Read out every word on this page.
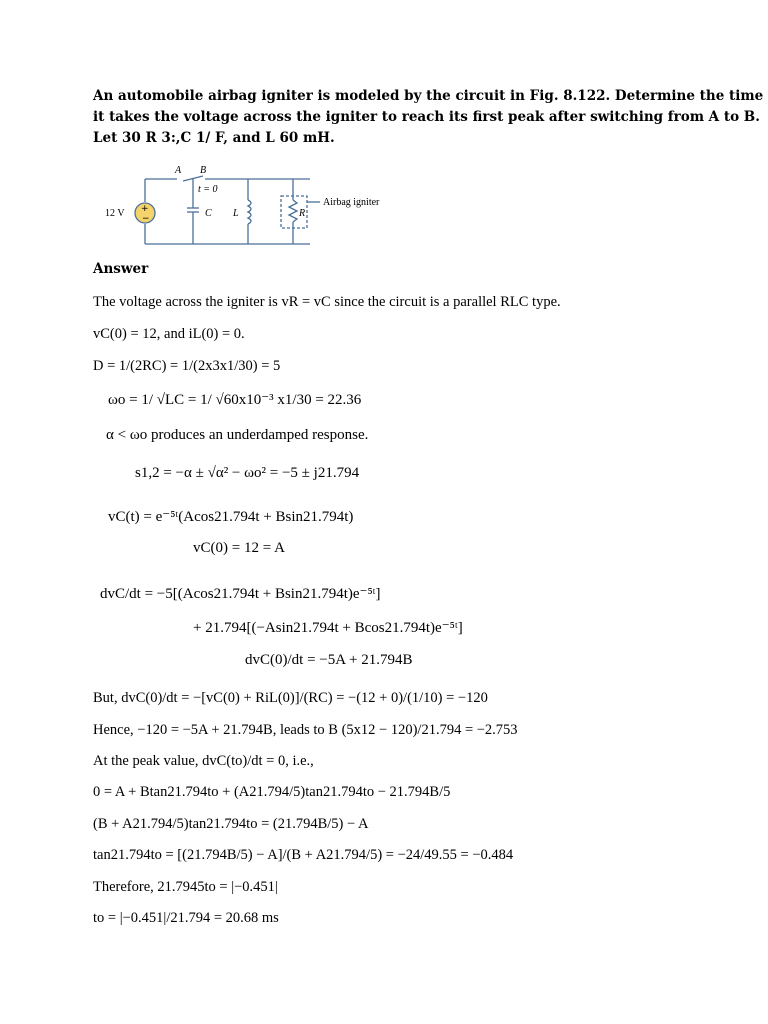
An automobile airbag igniter is modeled by the circuit in Fig. 8.122. Determine the time
it takes the voltage across the igniter to reach its first peak after switching from A to B.
Let 30 R 3:,C 1/ F, and L 60 mH.
+
−
12 V
A B
t = 0
C L	R
Airbag igniter
Answer
The voltage across the igniter is vR = vC since the circuit is a parallel RLC type.
vC(0) = 12, and iL(0) = 0.
D = 1/(2RC) = 1/(2x3x1/30) = 5
ωo = 1/ √LC = 1/ √60x10⁻³ x1/30 = 22.36
α < ωo produces an underdamped response.
s1,2 = −α ± √α² − ωo² = −5 ± j21.794
vC(t) = e⁻⁵ᵗ(Acos21.794t + Bsin21.794t)
vC(0) = 12 = A
dvC/dt = −5[(Acos21.794t + Bsin21.794t)e⁻⁵ᵗ]
+ 21.794[(−Asin21.794t + Bcos21.794t)e⁻⁵ᵗ]
dvC(0)/dt = −5A + 21.794B
But, dvC(0)/dt = −[vC(0) + RiL(0)]/(RC) = −(12 + 0)/(1/10) = −120
Hence, −120 = −5A + 21.794B, leads to B (5x12 − 120)/21.794 = −2.753
At the peak value, dvC(to)/dt = 0, i.e.,
0 = A + Btan21.794to + (A21.794/5)tan21.794to − 21.794B/5
(B + A21.794/5)tan21.794to = (21.794B/5) − A
tan21.794to = [(21.794B/5) − A]/(B + A21.794/5) = −24/49.55 = −0.484
Therefore, 21.7945to = |−0.451|
to = |−0.451|/21.794 = 20.68 ms
